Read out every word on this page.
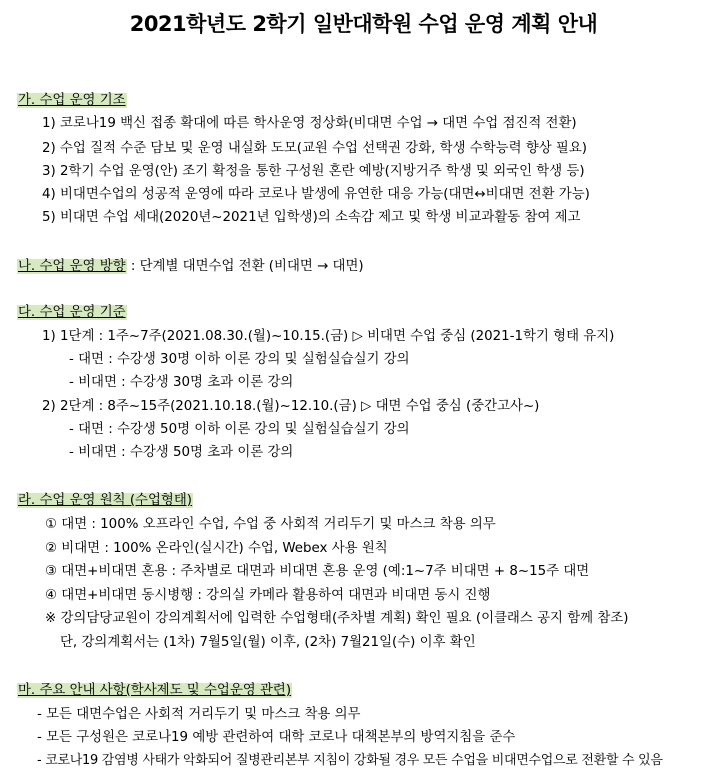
2021학년도 2학기 일반대학원 수업 운영 계획 안내
가. 수업 운영 기조
1) 코로나19 백신 접종 확대에 따른 학사운영 정상화(비대면 수업 → 대면 수업 점진적 전환)
2) 수업 질적 수준 담보 및 운영 내실화 도모(교원 수업 선택권 강화, 학생 수학능력 향상 필요)
3) 2학기 수업 운영(안) 조기 확정을 통한 구성원 혼란 예방(지방거주 학생 및 외국인 학생 등)
4) 비대면수업의 성공적 운영에 따라 코로나 발생에 유연한 대응 가능(대면↔비대면 전환 가능)
5) 비대면 수업 세대(2020년~2021년 입학생)의 소속감 제고 및 학생 비교과활동 참여 제고
나. 수업 운영 방향 : 단계별 대면수업 전환 (비대면 → 대면)
다. 수업 운영 기준
1) 1단계 : 1주~7주(2021.08.30.(월)~10.15.(금) ▷ 비대면 수업 중심 (2021-1학기 형태 유지)
- 대면 : 수강생 30명 이하 이론 강의 및 실험실습실기 강의
- 비대면 : 수강생 30명 초과 이론 강의
2) 2단계 : 8주~15주(2021.10.18.(월)~12.10.(금) ▷ 대면 수업 중심 (중간고사~)
- 대면 : 수강생 50명 이하 이론 강의 및 실험실습실기 강의
- 비대면 : 수강생 50명 초과 이론 강의
라. 수업 운영 원칙 (수업형태)
① 대면 : 100% 오프라인 수업, 수업 중 사회적 거리두기 및 마스크 착용 의무
② 비대면 : 100% 온라인(실시간) 수업, Webex 사용 원칙
③ 대면+비대면 혼용 : 주차별로 대면과 비대면 혼용 운영 (예:1~7주 비대면 + 8~15주 대면
④ 대면+비대면 동시병행 : 강의실 카메라 활용하여 대면과 비대면 동시 진행
※ 강의담당교원이 강의계획서에 입력한 수업형태(주차별 계획) 확인 필요 (이클래스 공지 함께 참조)
단, 강의계획서는 (1차) 7월5일(월) 이후, (2차) 7월21일(수) 이후 확인
마. 주요 안내 사항(학사제도 및 수업운영 관련)
- 모든 대면수업은 사회적 거리두기 및 마스크 착용 의무
- 모든 구성원은 코로나19 예방 관련하여 대학 코로나 대책본부의 방역지침을 준수
- 코로나19 감염병 사태가 악화되어 질병관리본부 지침이 강화될 경우 모든 수업을 비대면수업으로 전환할 수 있음
